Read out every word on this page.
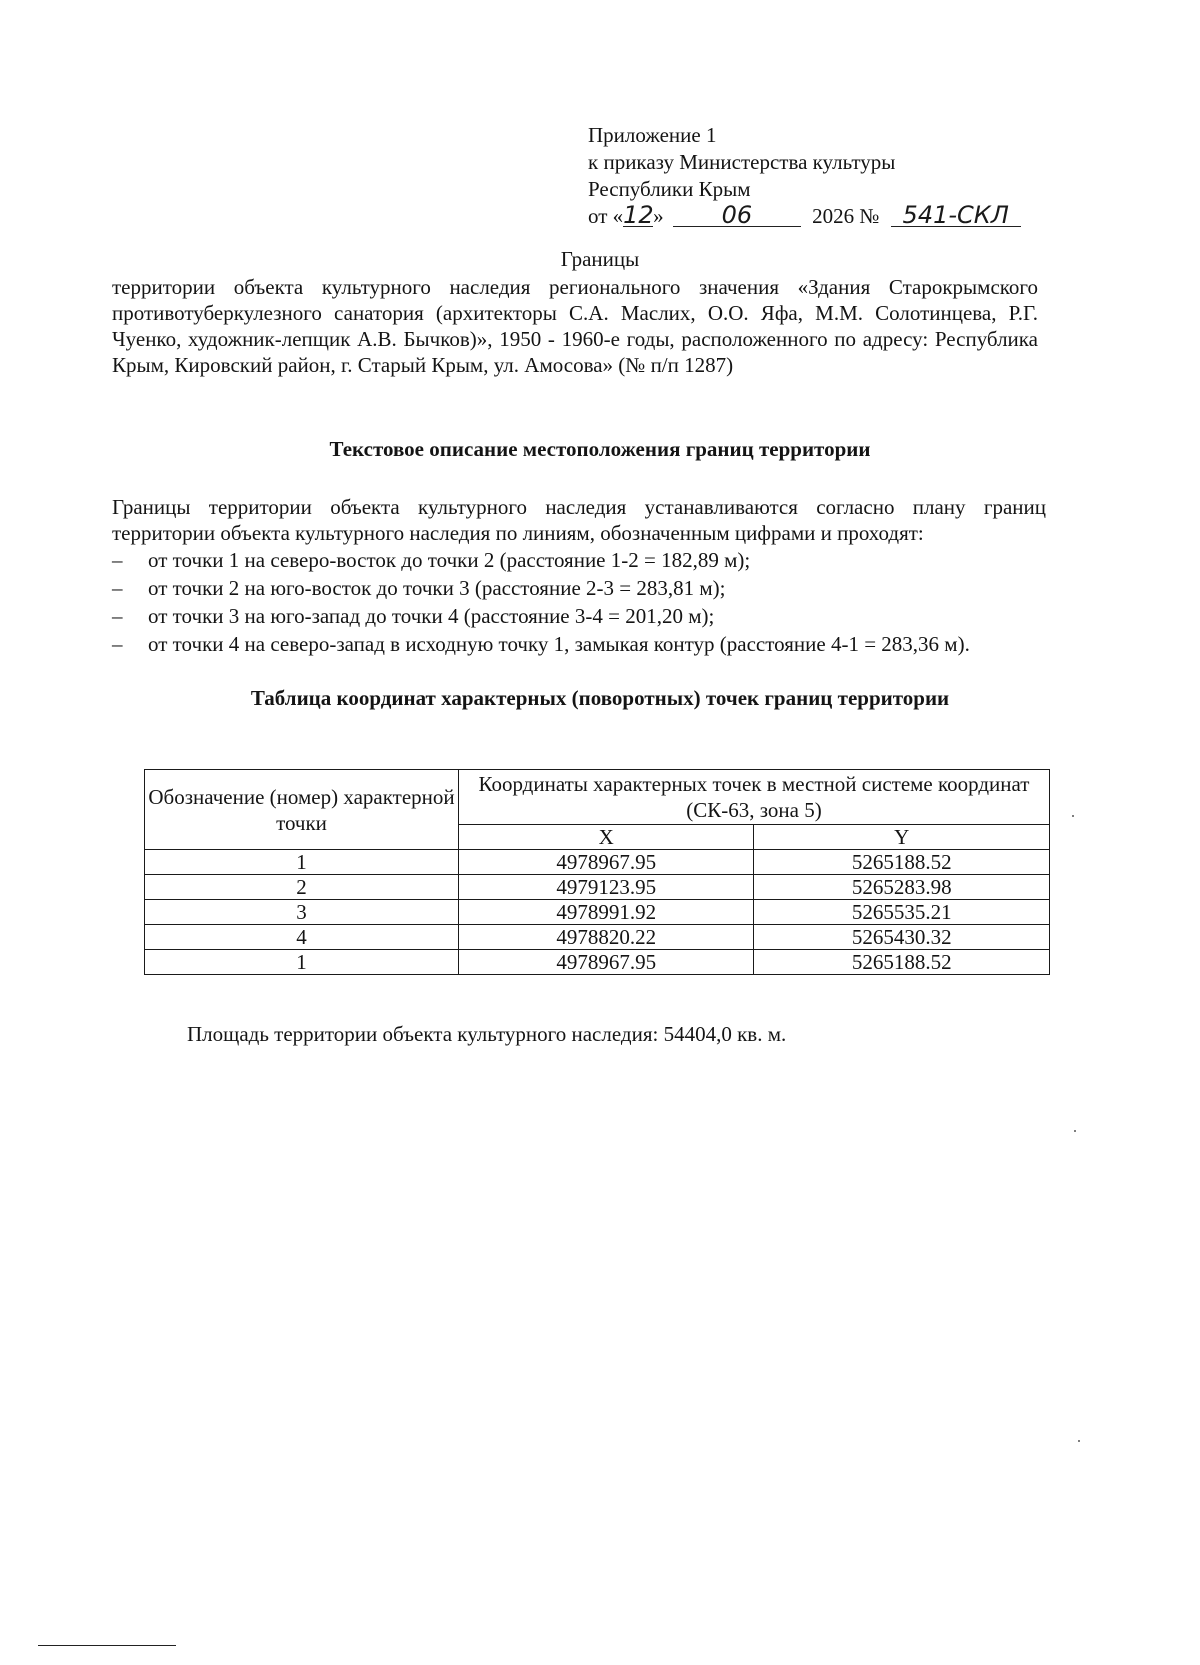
Приложение 1
к приказу Министерства культуры
Республики Крым
от «12» 06	2026 № 541-СКЛ
Границы
территории объекта культурного наследия регионального значения «Здания Старокрымского противотуберкулезного санатория (архитекторы С.А. Маслих, О.О. Яфа, М.М. Солотинцева, Р.Г. Чуенко, художник-лепщик А.В. Бычков)», 1950 - 1960-е годы, расположенного по адресу: Республика Крым, Кировский район, г. Старый Крым, ул. Амосова» (№ п/п 1287)
Текстовое описание местоположения границ территории
Границы территории объекта культурного наследия устанавливаются согласно плану границ территории объекта культурного наследия по линиям, обозначенным цифрами и проходят:
– от точки 1 на северо-восток до точки 2 (расстояние 1-2 = 182,89 м);
– от точки 2 на юго-восток до точки 3 (расстояние 2-3 = 283,81 м);
– от точки 3 на юго-запад до точки 4 (расстояние 3-4 = 201,20 м);
– от точки 4 на северо-запад в исходную точку 1, замыкая контур (расстояние 4-1 = 283,36 м).
Таблица координат характерных (поворотных) точек границ территории
Обозначение (номер) характерной точки	Координаты характерных точек в местной системе координат (СК-63, зона 5)	
	X	Y
1	4978967.95	5265188.52
2	4979123.95	5265283.98
3	4978991.92	5265535.21
4	4978820.22	5265430.32
1	4978967.95	5265188.52
Площадь территории объекта культурного наследия: 54404,0 кв. м.
